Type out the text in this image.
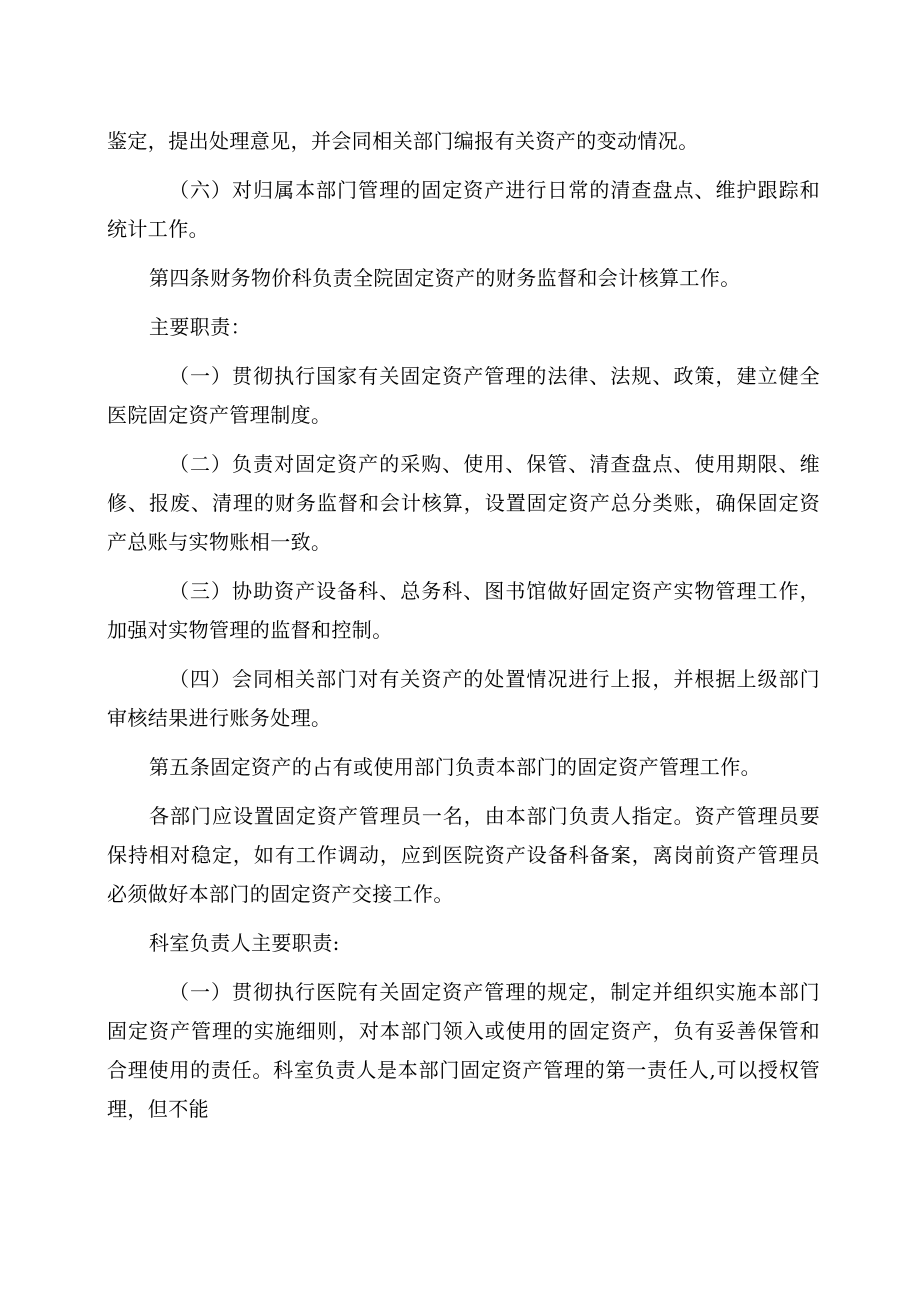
鉴定，提出处理意见，并会同相关部门编报有关资产的变动情况。

（六）对归属本部门管理的固定资产进行日常的清查盘点、维护跟踪和统计工作。

第四条财务物价科负责全院固定资产的财务监督和会计核算工作。

主要职责：

（一）贯彻执行国家有关固定资产管理的法律、法规、政策，建立健全医院固定资产管理制度。

（二）负责对固定资产的采购、使用、保管、清查盘点、使用期限、维修、报废、清理的财务监督和会计核算，设置固定资产总分类账，确保固定资产总账与实物账相一致。

（三）协助资产设备科、总务科、图书馆做好固定资产实物管理工作，加强对实物管理的监督和控制。

（四）会同相关部门对有关资产的处置情况进行上报，并根据上级部门审核结果进行账务处理。

第五条固定资产的占有或使用部门负责本部门的固定资产管理工作。

各部门应设置固定资产管理员一名，由本部门负责人指定。资产管理员要保持相对稳定，如有工作调动，应到医院资产设备科备案，离岗前资产管理员必须做好本部门的固定资产交接工作。

科室负责人主要职责:

（一）贯彻执行医院有关固定资产管理的规定，制定并组织实施本部门固定资产管理的实施细则，对本部门领入或使用的固定资产，负有妥善保管和合理使用的责任。科室负责人是本部门固定资产管理的第一责任人,可以授权管理，但不能
